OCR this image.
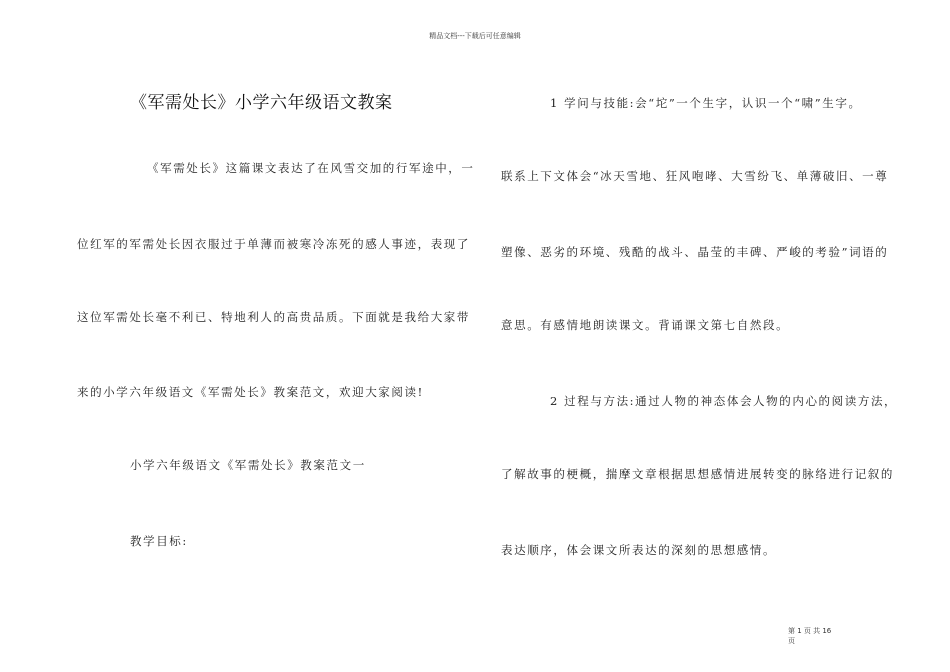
精品文档---下载后可任意编辑
《军需处长》小学六年级语文教案
《军需处长》这篇课文表达了在风雪交加的行军途中，一
位红军的军需处长因衣服过于单薄而被寒冷冻死的感人事迹，表现了
这位军需处长毫不利已、特地利人的高贵品质。下面就是我给大家带
来的小学六年级语文《军需处长》教案范文，欢迎大家阅读!
小学六年级语文《军需处长》教案范文一
教学目标:
1 学问与技能:会“坨”一个生字，认识一个“啸”生字。
联系上下文体会“冰天雪地、狂风咆哮、大雪纷飞、单薄破旧、一尊
塑像、恶劣的环境、残酷的战斗、晶莹的丰碑、严峻的考验”词语的
意思。有感情地朗读课文。背诵课文第七自然段。
2 过程与方法:通过人物的神态体会人物的内心的阅读方法，
了解故事的梗概，揣摩文章根据思想感情进展转变的脉络进行记叙的
表达顺序，体会课文所表达的深刻的思想感情。
第 1 页 共 16
页
